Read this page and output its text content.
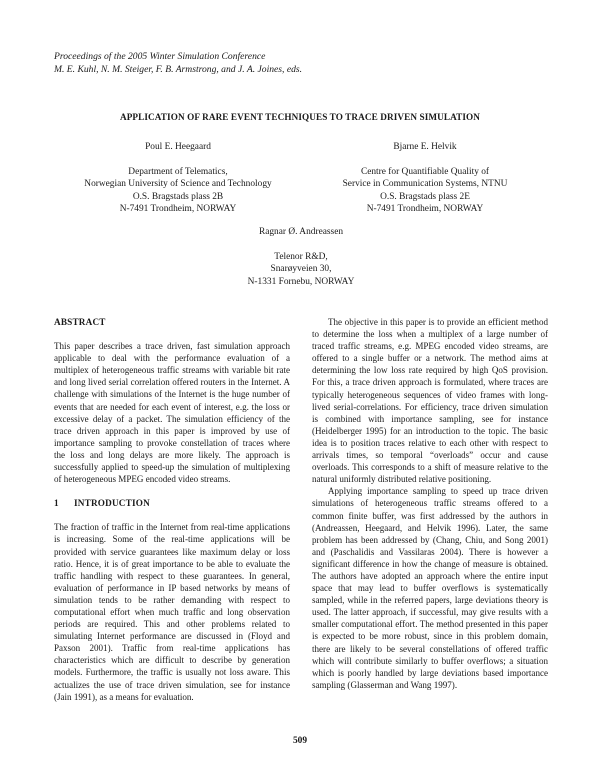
Proceedings of the 2005 Winter Simulation Conference
M. E. Kuhl, N. M. Steiger, F. B. Armstrong, and J. A. Joines, eds.
APPLICATION OF RARE EVENT TECHNIQUES TO TRACE DRIVEN SIMULATION
Poul E. Heegaard
Department of Telematics,
Norwegian University of Science and Technology
O.S. Bragstads plass 2B
N-7491 Trondheim, NORWAY
Bjarne E. Helvik
Centre for Quantifiable Quality of
Service in Communication Systems, NTNU
O.S. Bragstads plass 2E
N-7491 Trondheim, NORWAY
Ragnar Ø. Andreassen
Telenor R&D,
Snarøyveien 30,
N-1331 Fornebu, NORWAY
ABSTRACT

This paper describes a trace driven, fast simulation approach applicable to deal with the performance evaluation of a multiplex of heterogeneous traffic streams with variable bit rate and long lived serial correlation offered routers in the Internet. A challenge with simulations of the Internet is the huge number of events that are needed for each event of interest, e.g. the loss or excessive delay of a packet. The simulation efficiency of the trace driven approach in this paper is improved by use of importance sampling to provoke constellation of traces where the loss and long delays are more likely. The approach is successfully applied to speed-up the simulation of multiplexing of heterogeneous MPEG encoded video streams.

1 INTRODUCTION

The fraction of traffic in the Internet from real-time applications is increasing. Some of the real-time applications will be provided with service guarantees like maximum delay or loss ratio. Hence, it is of great importance to be able to evaluate the traffic handling with respect to these guarantees. In general, evaluation of performance in IP based networks by means of simulation tends to be rather demanding with respect to computational effort when much traffic and long observation periods are required. This and other problems related to simulating Internet performance are discussed in (Floyd and Paxson 2001). Traffic from real-time applications has characteristics which are difficult to describe by generation models. Furthermore, the traffic is usually not loss aware. This actualizes the use of trace driven simulation, see for instance (Jain 1991), as a means for evaluation.

The objective in this paper is to provide an efficient method to determine the loss when a multiplex of a large number of traced traffic streams, e.g. MPEG encoded video streams, are offered to a single buffer or a network. The method aims at determining the low loss rate required by high QoS provision. For this, a trace driven approach is formulated, where traces are typically heterogeneous sequences of video frames with long-lived serial-correlations. For efficiency, trace driven simulation is combined with importance sampling, see for instance (Heidelberger 1995) for an introduction to the topic. The basic idea is to position traces relative to each other with respect to arrivals times, so temporal “overloads” occur and cause overloads. This corresponds to a shift of measure relative to the natural uniformly distributed relative positioning.

Applying importance sampling to speed up trace driven simulations of heterogeneous traffic streams offered to a common finite buffer, was first addressed by the authors in (Andreassen, Heegaard, and Helvik 1996). Later, the same problem has been addressed by (Chang, Chiu, and Song 2001) and (Paschalidis and Vassilaras 2004). There is however a significant difference in how the change of measure is obtained. The authors have adopted an approach where the entire input space that may lead to buffer overflows is systematically sampled, while in the referred papers, large deviations theory is used. The latter approach, if successful, may give results with a smaller computational effort. The method presented in this paper is expected to be more robust, since in this problem domain, there are likely to be several constellations of offered traffic which will contribute similarly to buffer overflows; a situation which is poorly handled by large deviations based importance sampling (Glasserman and Wang 1997).

509
